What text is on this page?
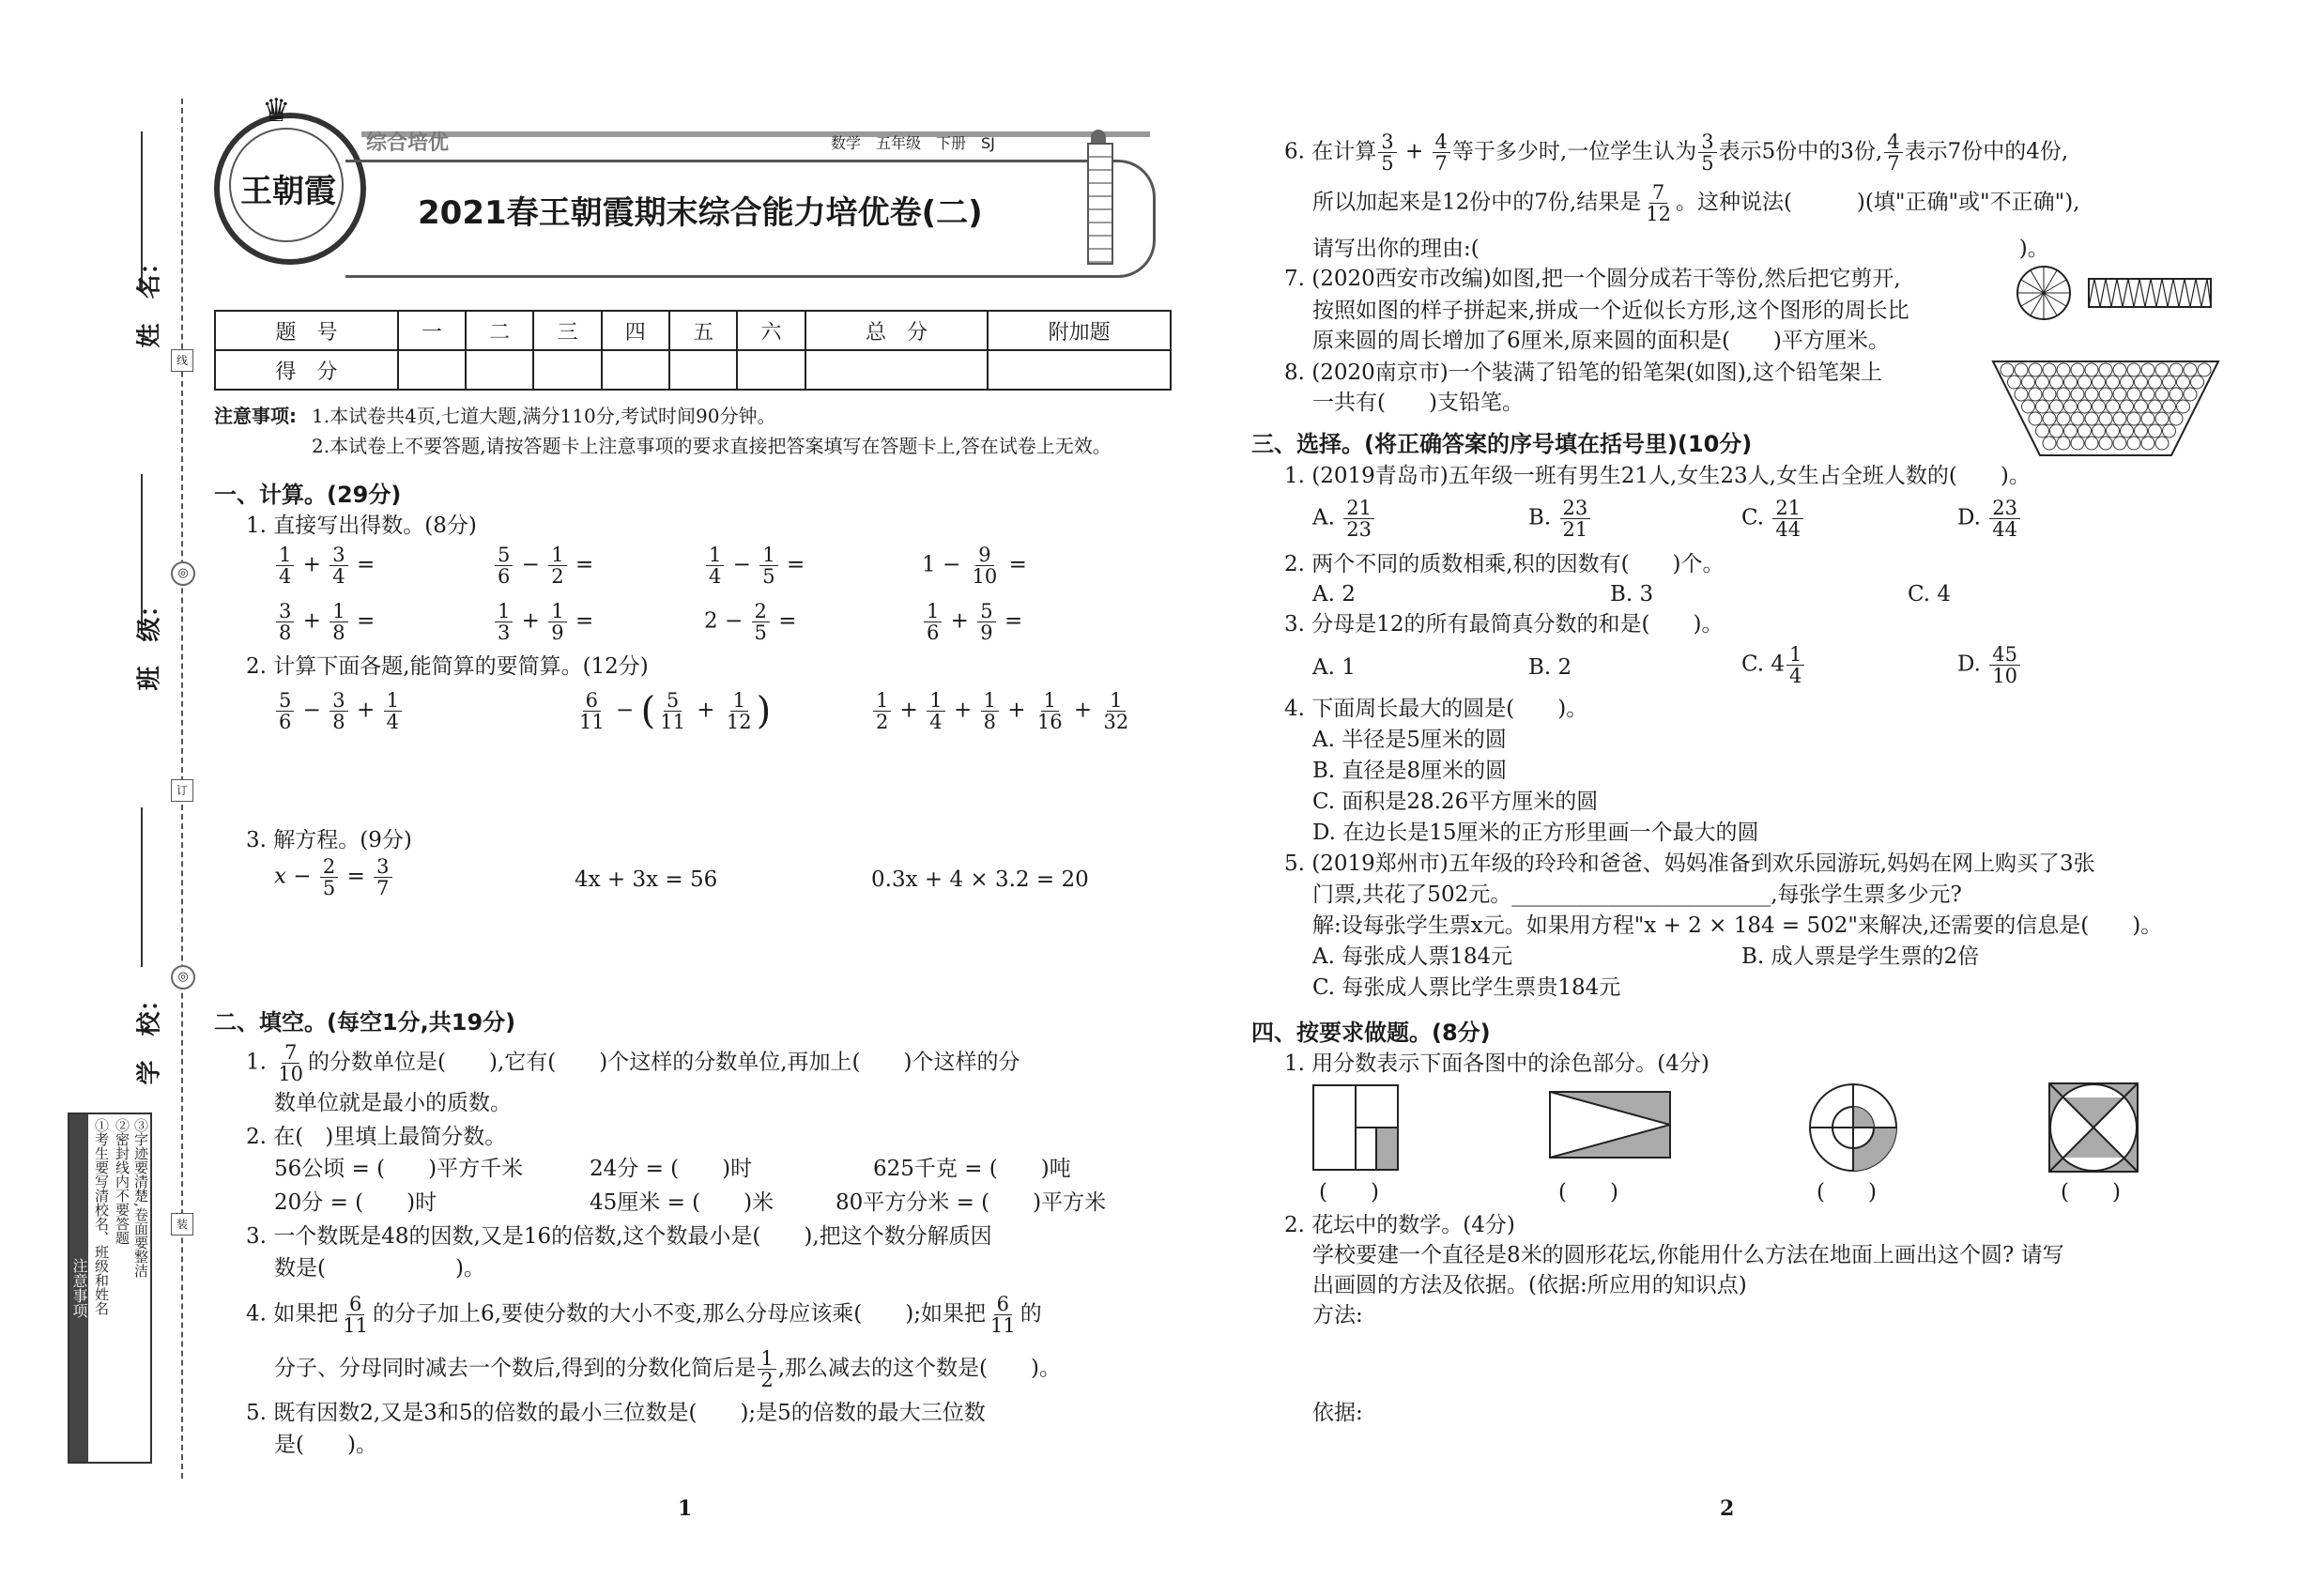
姓　名：
班　级：
学　校：
线
◎
订
◎
装
注意事项 ①考生要写清校名、班级和姓名 ②密封线内不要答题 ③字迹要清楚,卷面要整洁
王朝霞
♛
综合培优	数学　五年级　下册　SJ
2021春王朝霞期末综合能力培优卷(二)
题　号	一	二	三	四	五	六	总　分	附加题
得　分								
注意事项: 1.本试卷共4页,七道大题,满分110分,考试时间90分钟。
2.本试卷上不要答题,请按答题卡上注意事项的要求直接把答案填写在答题卡上,答在试卷上无效。
一、计算。(29分)
1. 直接写出得数。(8分)
$\frac{1}{4} + \frac{3}{4}$ =	$\frac{5}{6} - \frac{1}{2}$ =	$\frac{1}{4} - \frac{1}{5}$ =	$1 - \frac{9}{10}$ =
$\frac{3}{8} + \frac{1}{8}$ =	$\frac{1}{3} + \frac{1}{9}$ =	$2 - \frac{2}{5}$ =	$\frac{1}{6} + \frac{5}{9}$ =
2. 计算下面各题,能简算的要简算。(12分)
$\frac{5}{6} - \frac{3}{8} + \frac{1}{4}$	$\frac{6}{11}$ − ( $\frac{5}{11} + \frac{1}{12}$ )	$\frac{1}{2} + \frac{1}{4} + \frac{1}{8} + \frac{1}{16} + \frac{1}{32}$
3. 解方程。(9分)
$x - \frac{2}{5} = \frac{3}{7}$	4x + 3x = 56	0.3x + 4 × 3.2 = 20
二、填空。(每空1分,共19分)
1. $\frac{7}{10}$ 的分数单位是(　　),它有(　　)个这样的分数单位,再加上(　　)个这样的分
数单位就是最小的质数。
2. 在(　)里填上最简分数。
56公顷 = (　　)平方千米	24分 = (　　)时	625千克 = (　　)吨
20分 = (　　)时	45厘米 = (　　)米	80平方分米 = (　　)平方米
3. 一个数既是48的因数,又是16的倍数,这个数最小是(　　),把这个数分解质因
数是(　　　　　　)。
4. 如果把 $\frac{6}{11}$ 的分子加上6,要使分数的大小不变,那么分母应该乘(　　);如果把 $\frac{6}{11}$ 的
分子、分母同时减去一个数后,得到的分数化简后是 $\frac{1}{2}$ ,那么减去的这个数是(　　)。
5. 既有因数2,又是3和5的倍数的最小三位数是(　　);是5的倍数的最大三位数
是(　　)。
1
6. 在计算 $\frac{3}{5} + \frac{4}{7}$ 等于多少时,一位学生认为 $\frac{3}{5}$ 表示5份中的3份, $\frac{4}{7}$ 表示7份中的4份,
所以加起来是12份中的7份,结果是 $\frac{7}{12}$ 。这种说法(　　　)(填"正确"或"不正确"),
请写出你的理由:(　　　　　　　　　　　　　　　　　　　　　　　　　)。
7. (2020西安市改编)如图,把一个圆分成若干等份,然后把它剪开,
按照如图的样子拼起来,拼成一个近似长方形,这个图形的周长比
原来圆的周长增加了6厘米,原来圆的面积是(　　)平方厘米。
8. (2020南京市)一个装满了铅笔的铅笔架(如图),这个铅笔架上
一共有(　　)支铅笔。
三、选择。(将正确答案的序号填在括号里)(10分)
1. (2019青岛市)五年级一班有男生21人,女生23人,女生占全班人数的(　　)。
A. $\frac{21}{23}$	B. $\frac{23}{21}$	C. $\frac{21}{44}$	D. $\frac{23}{44}$
2. 两个不同的质数相乘,积的因数有(　　)个。
A. 2	B. 3	C. 4
3. 分母是12的所有最简真分数的和是(　　)。
A. 1	B. 2	C. $4 \frac{1}{4}$	D. $\frac{45}{10}$
4. 下面周长最大的圆是(　　)。
A. 半径是5厘米的圆
B. 直径是8厘米的圆
C. 面积是28.26平方厘米的圆
D. 在边长是15厘米的正方形里画一个最大的圆
5. (2019郑州市)五年级的玲玲和爸爸、妈妈准备到欢乐园游玩,妈妈在网上购买了3张
门票,共花了502元。________________________,每张学生票多少元?
解:设每张学生票x元。如果用方程"x + 2 × 184 = 502"来解决,还需要的信息是(　　)。
A. 每张成人票184元	B. 成人票是学生票的2倍
C. 每张成人票比学生票贵184元
四、按要求做题。(8分)
1. 用分数表示下面各图中的涂色部分。(4分)
(　　)	(　　)	(　　)	(　　)
2. 花坛中的数学。(4分)
学校要建一个直径是8米的圆形花坛,你能用什么方法在地面上画出这个圆? 请写
出画圆的方法及依据。(依据:所应用的知识点)
方法:
依据:
2
